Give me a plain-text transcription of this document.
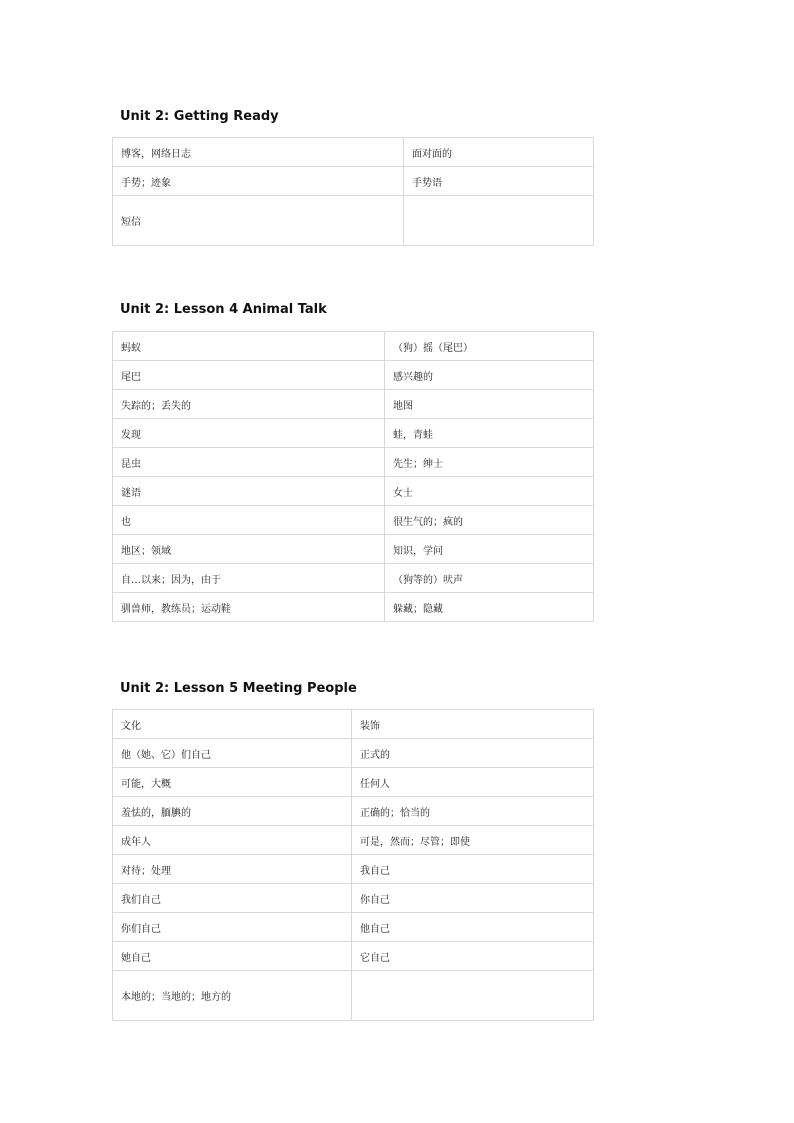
Unit 2: Getting Ready
博客，网络日志	面对面的
手势；迹象	手势语
短信	
Unit 2: Lesson 4 Animal Talk
蚂蚁	（狗）摇（尾巴）
尾巴	感兴趣的
失踪的；丢失的	地图
发现	蛙，青蛙
昆虫	先生；绅士
谜语	女士
也	很生气的；疯的
地区；领域	知识，学问
自…以来；因为，由于	（狗等的）吠声
驯兽师，教练员；运动鞋	躲藏；隐藏
Unit 2: Lesson 5 Meeting People
文化	装饰
他（她、它）们自己	正式的
可能，大概	任何人
羞怯的，腼腆的	正确的；恰当的
成年人	可是，然而；尽管；即使
对待；处理	我自己
我们自己	你自己
你们自己	他自己
她自己	它自己
本地的；当地的；地方的	
